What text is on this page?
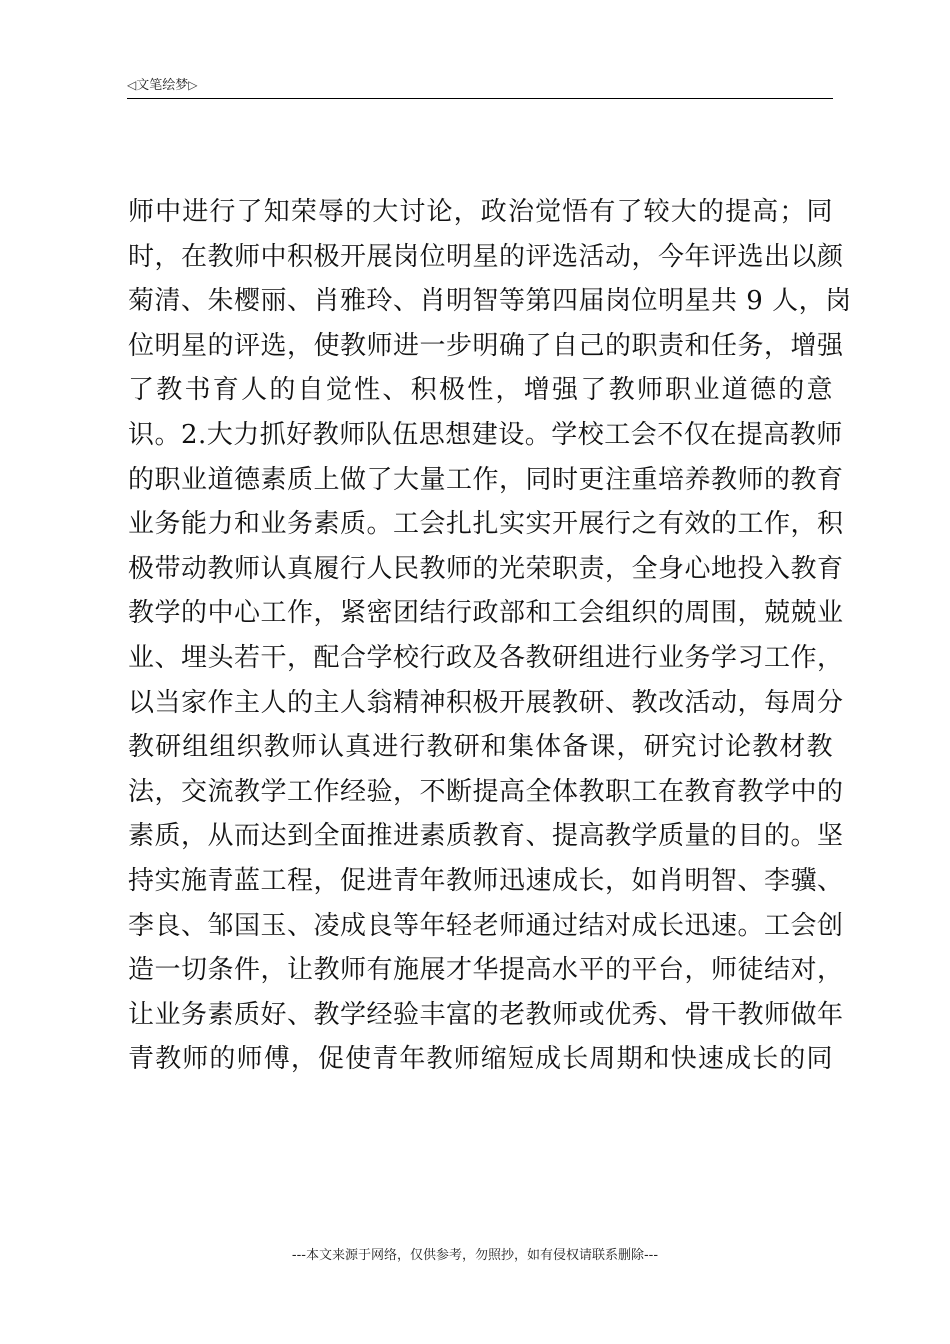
◁文笔绘梦▷
师中进行了知荣辱的大讨论，政治觉悟有了较大的提高；同
时，在教师中积极开展岗位明星的评选活动，今年评选出以颜
菊清、朱樱丽、肖雅玲、肖明智等第四届岗位明星共 9 人，岗
位明星的评选，使教师进一步明确了自己的职责和任务，增强
了教书育人的自觉性、积极性，增强了教师职业道德的意
识。2.大力抓好教师队伍思想建设。学校工会不仅在提高教师
的职业道德素质上做了大量工作，同时更注重培养教师的教育
业务能力和业务素质。工会扎扎实实开展行之有效的工作，积
极带动教师认真履行人民教师的光荣职责，全身心地投入教育
教学的中心工作，紧密团结行政部和工会组织的周围，兢兢业
业、埋头若干，配合学校行政及各教研组进行业务学习工作，
以当家作主人的主人翁精神积极开展教研、教改活动，每周分
教研组组织教师认真进行教研和集体备课，研究讨论教材教
法，交流教学工作经验，不断提高全体教职工在教育教学中的
素质，从而达到全面推进素质教育、提高教学质量的目的。坚
持实施青蓝工程，促进青年教师迅速成长，如肖明智、李骥、
李良、邹国玉、凌成良等年轻老师通过结对成长迅速。工会创
造一切条件，让教师有施展才华提高水平的平台，师徒结对，
让业务素质好、教学经验丰富的老教师或优秀、骨干教师做年
青教师的师傅，促使青年教师缩短成长周期和快速成长的同
---本文来源于网络，仅供参考，勿照抄，如有侵权请联系删除---
